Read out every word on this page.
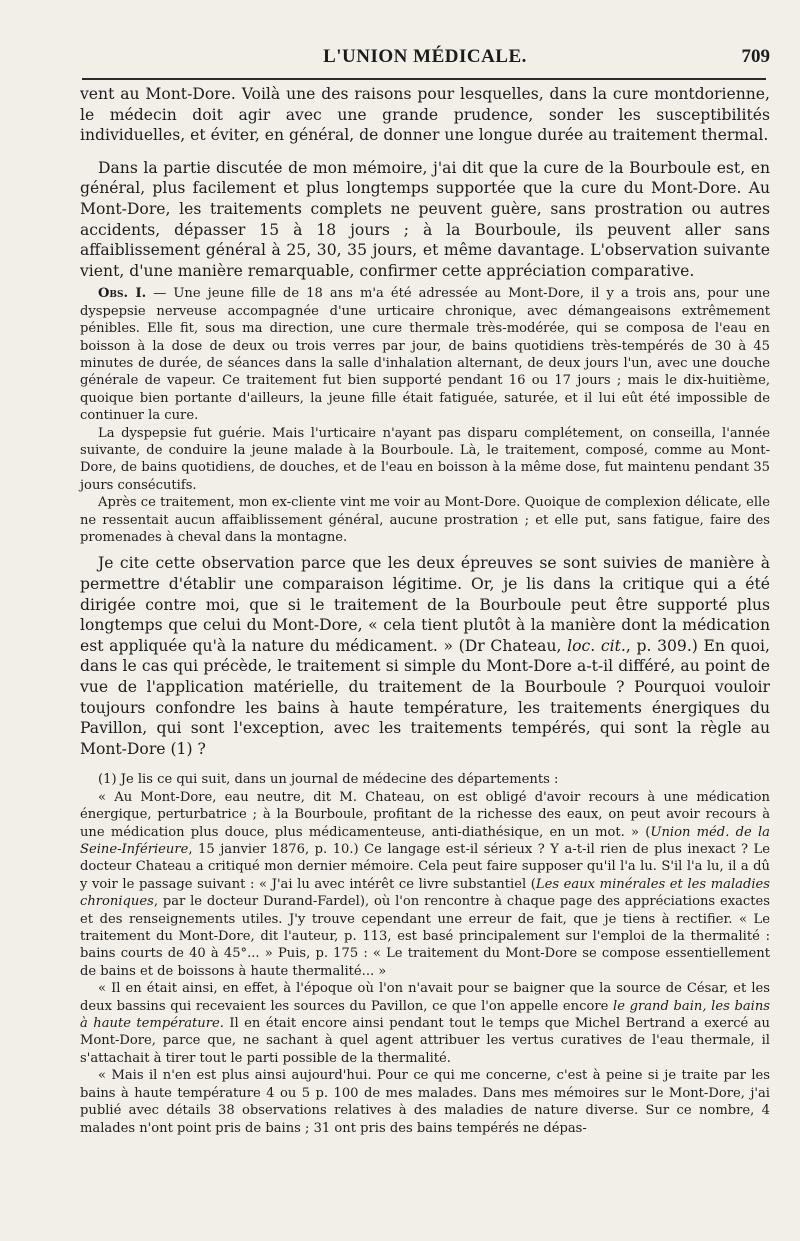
L'UNION MÉDICALE.	709

vent au Mont-Dore. Voilà une des raisons pour lesquelles, dans la cure montdorienne, le médecin doit agir avec une grande prudence, sonder les susceptibilités individuelles, et éviter, en général, de donner une longue durée au traitement thermal.

Dans la partie discutée de mon mémoire, j'ai dit que la cure de la Bourboule est, en général, plus facilement et plus longtemps supportée que la cure du Mont-Dore. Au Mont-Dore, les traitements complets ne peuvent guère, sans prostration ou autres accidents, dépasser 15 à 18 jours ; à la Bourboule, ils peuvent aller sans affaiblissement général à 25, 30, 35 jours, et même davantage. L'observation suivante vient, d'une manière remarquable, confirmer cette appréciation comparative.

Obs. I. — Une jeune fille de 18 ans m'a été adressée au Mont-Dore, il y a trois ans, pour une dyspepsie nerveuse accompagnée d'une urticaire chronique, avec démangeaisons extrêmement pénibles. Elle fit, sous ma direction, une cure thermale très-modérée, qui se composa de l'eau en boisson à la dose de deux ou trois verres par jour, de bains quotidiens très-tempérés de 30 à 45 minutes de durée, de séances dans la salle d'inhalation alternant, de deux jours l'un, avec une douche générale de vapeur. Ce traitement fut bien supporté pendant 16 ou 17 jours ; mais le dix-huitième, quoique bien portante d'ailleurs, la jeune fille était fatiguée, saturée, et il lui eût été impossible de continuer la cure.

La dyspepsie fut guérie. Mais l'urticaire n'ayant pas disparu complétement, on conseilla, l'année suivante, de conduire la jeune malade à la Bourboule. Là, le traitement, composé, comme au Mont-Dore, de bains quotidiens, de douches, et de l'eau en boisson à la même dose, fut maintenu pendant 35 jours consécutifs.

Après ce traitement, mon ex-cliente vint me voir au Mont-Dore. Quoique de complexion délicate, elle ne ressentait aucun affaiblissement général, aucune prostration ; et elle put, sans fatigue, faire des promenades à cheval dans la montagne.

Je cite cette observation parce que les deux épreuves se sont suivies de manière à permettre d'établir une comparaison légitime. Or, je lis dans la critique qui a été dirigée contre moi, que si le traitement de la Bourboule peut être supporté plus longtemps que celui du Mont-Dore, « cela tient plutôt à la manière dont la médication est appliquée qu'à la nature du médicament. » (Dr Chateau, loc. cit., p. 309.) En quoi, dans le cas qui précède, le traitement si simple du Mont-Dore a-t-il différé, au point de vue de l'application matérielle, du traitement de la Bourboule ? Pourquoi vouloir toujours confondre les bains à haute température, les traitements énergiques du Pavillon, qui sont l'exception, avec les traitements tempérés, qui sont la règle au Mont-Dore (1) ?

(1) Je lis ce qui suit, dans un journal de médecine des départements :

« Au Mont-Dore, eau neutre, dit M. Chateau, on est obligé d'avoir recours à une médication énergique, perturbatrice ; à la Bourboule, profitant de la richesse des eaux, on peut avoir recours à une médication plus douce, plus médicamenteuse, anti-diathésique, en un mot. » (Union méd. de la Seine-Inférieure, 15 janvier 1876, p. 10.) Ce langage est-il sérieux ? Y a-t-il rien de plus inexact ? Le docteur Chateau a critiqué mon dernier mémoire. Cela peut faire supposer qu'il l'a lu. S'il l'a lu, il a dû y voir le passage suivant : « J'ai lu avec intérêt ce livre substantiel (Les eaux minérales et les maladies chroniques, par le docteur Durand-Fardel), où l'on rencontre à chaque page des appréciations exactes et des renseignements utiles. J'y trouve cependant une erreur de fait, que je tiens à rectifier. « Le traitement du Mont-Dore, dit l'auteur, p. 113, est basé principalement sur l'emploi de la thermalité : bains courts de 40 à 45°... » Puis, p. 175 : « Le traitement du Mont-Dore se compose essentiellement de bains et de boissons à haute thermalité... »

« Il en était ainsi, en effet, à l'époque où l'on n'avait pour se baigner que la source de César, et les deux bassins qui recevaient les sources du Pavillon, ce que l'on appelle encore le grand bain, les bains à haute température. Il en était encore ainsi pendant tout le temps que Michel Bertrand a exercé au Mont-Dore, parce que, ne sachant à quel agent attribuer les vertus curatives de l'eau thermale, il s'attachait à tirer tout le parti possible de la thermalité.

« Mais il n'en est plus ainsi aujourd'hui. Pour ce qui me concerne, c'est à peine si je traite par les bains à haute température 4 ou 5 p. 100 de mes malades. Dans mes mémoires sur le Mont-Dore, j'ai publié avec détails 38 observations relatives à des maladies de nature diverse. Sur ce nombre, 4 malades n'ont point pris de bains ; 31 ont pris des bains tempérés ne dépas-
